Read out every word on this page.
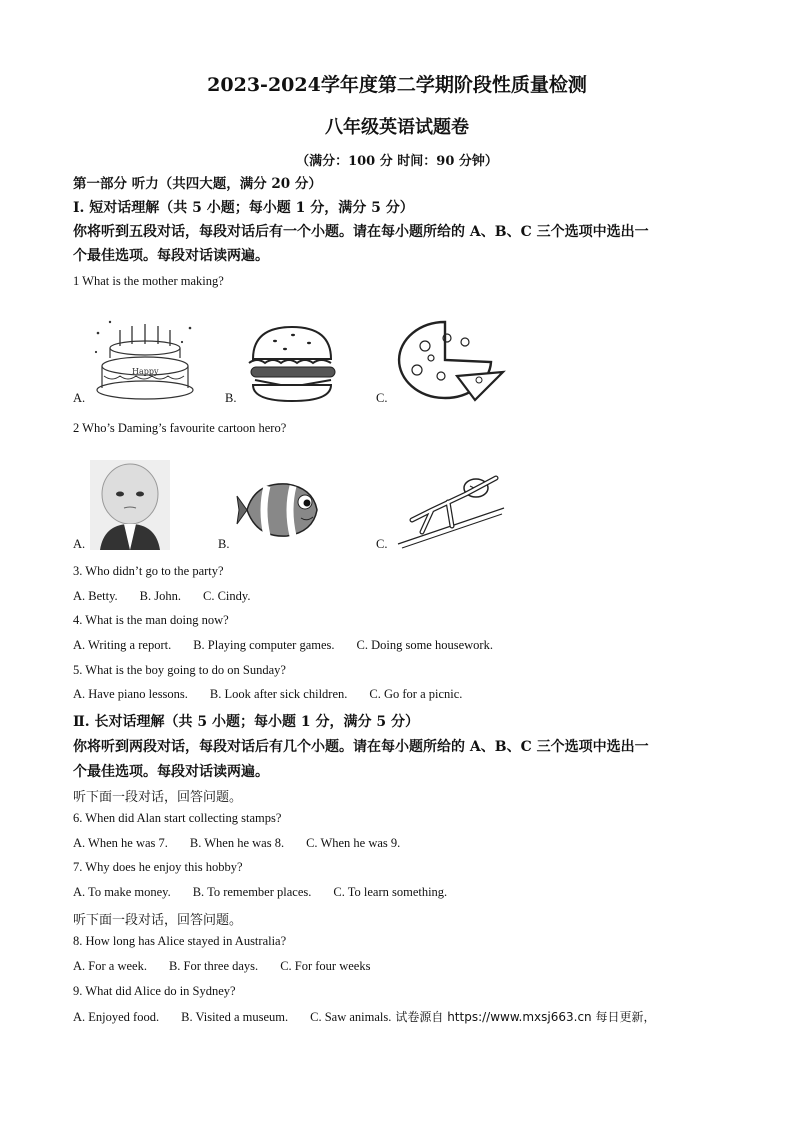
2023-2024学年度第二学期阶段性质量检测
八年级英语试题卷
（满分：100 分 时间：90 分钟）
第一部分 听力（共四大题，满分 20 分）
Ⅰ. 短对话理解（共 5 小题；每小题 1 分，满分 5 分）
你将听到五段对话，每段对话后有一个小题。请在每小题所给的 A、B、C 三个选项中选出一
个最佳选项。每段对话读两遍。
1 What is the mother making?
Happy
A.	B.	C.
2 Who’s Daming’s favourite cartoon hero?
A.	B.	C.
3. Who didn’t go to the party?
A. Betty. B. John. C. Cindy.
4. What is the man doing now?
A. Writing a report. B. Playing computer games. C. Doing some housework.
5. What is the boy going to do on Sunday?
A. Have piano lessons. B. Look after sick children. C. Go for a picnic.
Ⅱ. 长对话理解（共 5 小题；每小题 1 分，满分 5 分）
你将听到两段对话，每段对话后有几个小题。请在每小题所给的 A、B、C 三个选项中选出一
个最佳选项。每段对话读两遍。
听下面一段对话，回答问题。
6. When did Alan start collecting stamps?
A. When he was 7. B. When he was 8. C. When he was 9.
7. Why does he enjoy this hobby?
A. To make money. B. To remember places. C. To learn something.
听下面一段对话，回答问题。
8. How long has Alice stayed in Australia?
A. For a week. B. For three days. C. For four weeks
9. What did Alice do in Sydney?
A. Enjoyed food. B. Visited a museum. C. Saw animals. 试卷源自 https://www.mxsj663.cn 每日更新，
